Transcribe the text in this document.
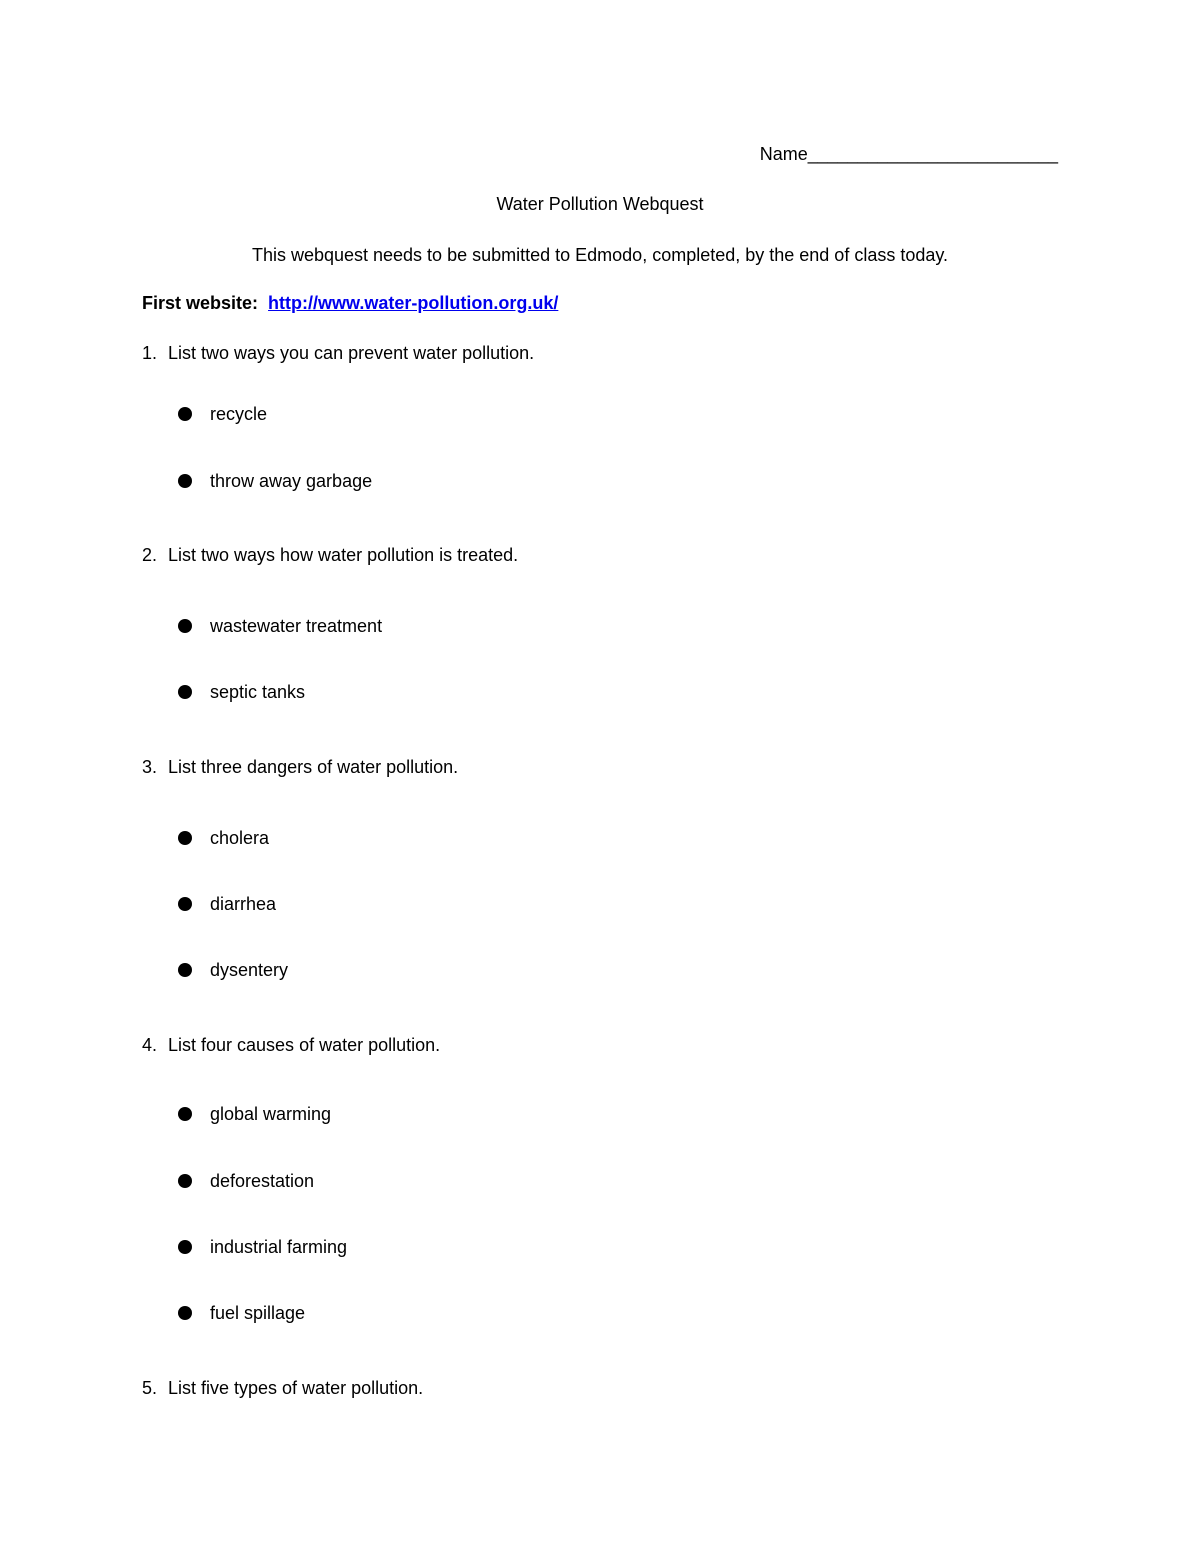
Name_________________________
Water Pollution Webquest
This webquest needs to be submitted to Edmodo, completed, by the end of class today.
First website: http://www.water-pollution.org.uk/
1. List two ways you can prevent water pollution.
recycle
throw away garbage
2. List two ways how water pollution is treated.
wastewater treatment
septic tanks
3. List three dangers of water pollution.
cholera
diarrhea
dysentery
4. List four causes of water pollution.
global warming
deforestation
industrial farming
fuel spillage
5. List five types of water pollution.
